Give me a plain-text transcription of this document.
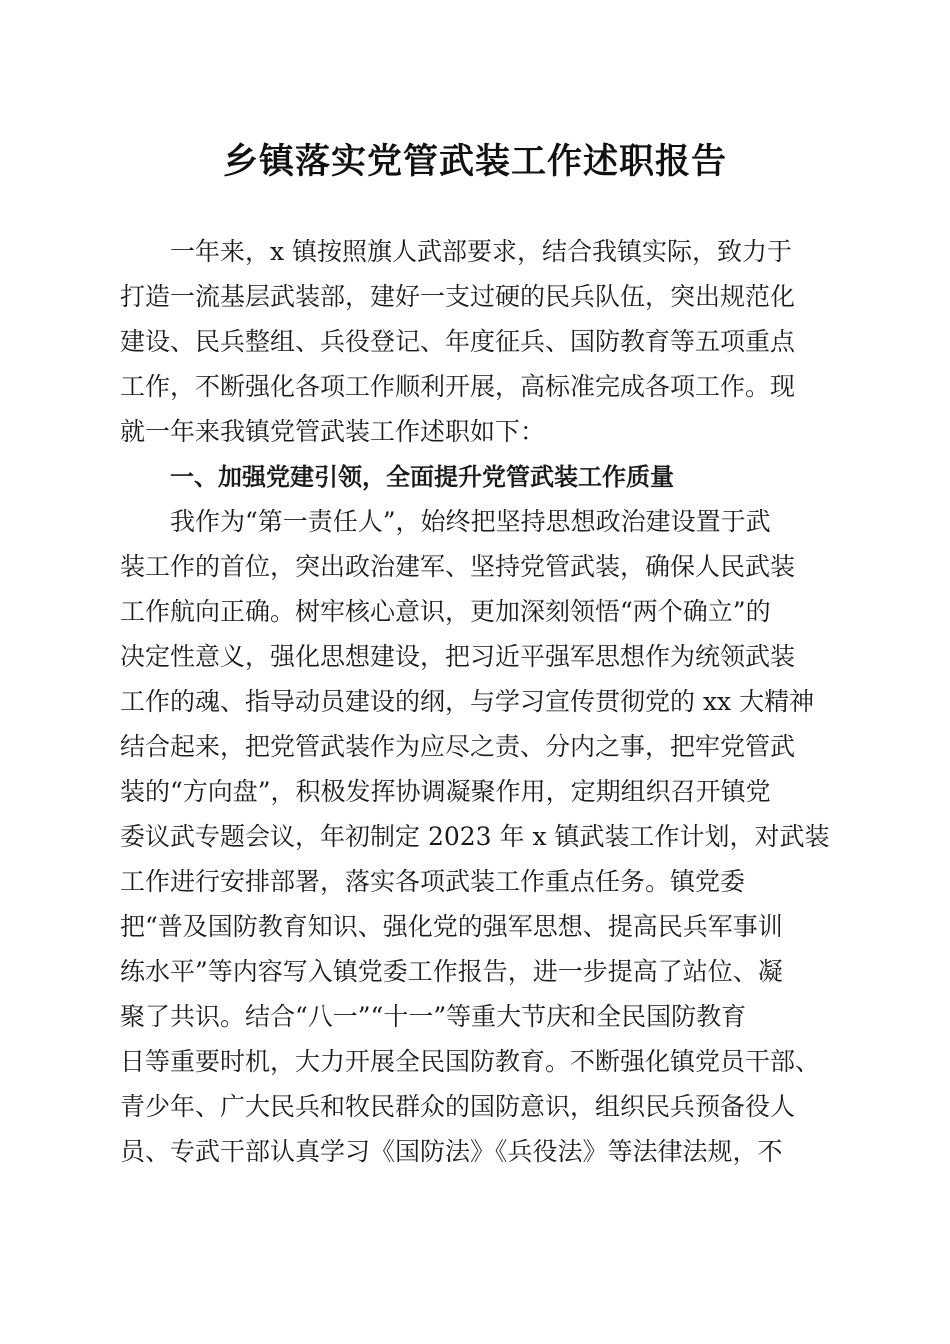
乡镇落实党管武装工作述职报告
一年来，x 镇按照旗人武部要求，结合我镇实际，致力于
打造一流基层武装部，建好一支过硬的民兵队伍，突出规范化
建设、民兵整组、兵役登记、年度征兵、国防教育等五项重点
工作，不断强化各项工作顺利开展，高标准完成各项工作。现
就一年来我镇党管武装工作述职如下：
一、加强党建引领，全面提升党管武装工作质量
我作为“第一责任人”，始终把坚持思想政治建设置于武
装工作的首位，突出政治建军、坚持党管武装，确保人民武装
工作航向正确。树牢核心意识，更加深刻领悟“两个确立”的
决定性意义，强化思想建设，把习近平强军思想作为统领武装
工作的魂、指导动员建设的纲，与学习宣传贯彻党的 xx 大精神
结合起来，把党管武装作为应尽之责、分内之事，把牢党管武
装的“方向盘”，积极发挥协调凝聚作用，定期组织召开镇党
委议武专题会议，年初制定 2023 年 x 镇武装工作计划，对武装
工作进行安排部署，落实各项武装工作重点任务。镇党委
把“普及国防教育知识、强化党的强军思想、提高民兵军事训
练水平”等内容写入镇党委工作报告，进一步提高了站位、凝
聚了共识。结合“八一”“十一”等重大节庆和全民国防教育
日等重要时机，大力开展全民国防教育。不断强化镇党员干部、
青少年、广大民兵和牧民群众的国防意识，组织民兵预备役人
员、专武干部认真学习《国防法》《兵役法》等法律法规，不
